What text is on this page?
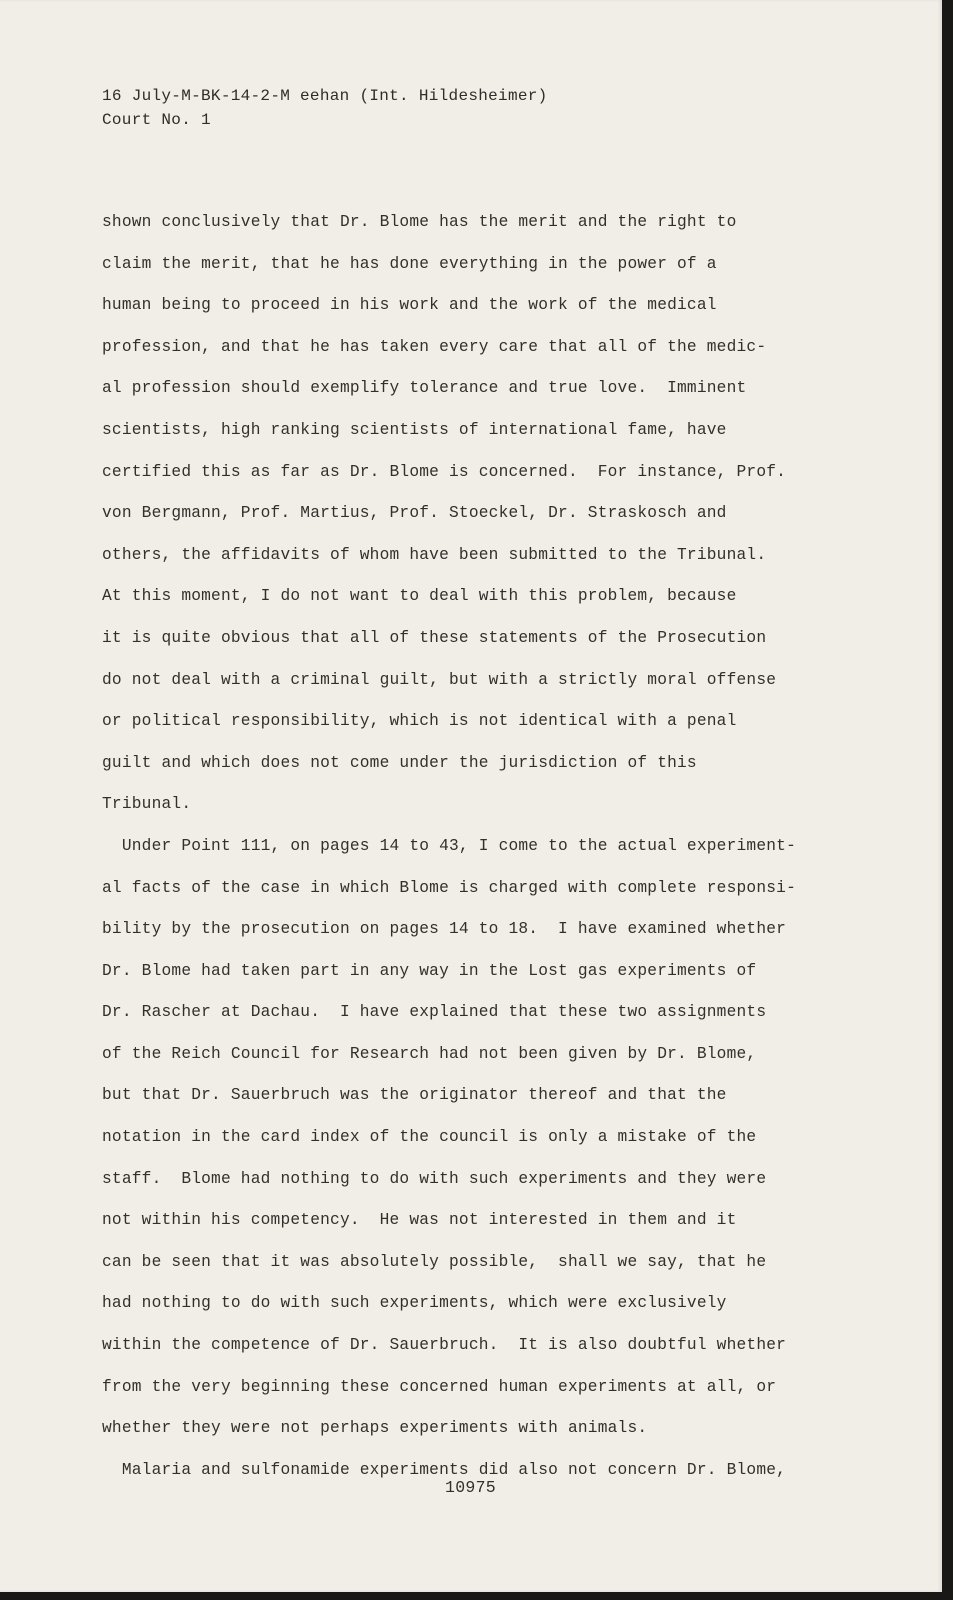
16 July-M-BK-14-2-M eehan (Int. Hildesheimer)
Court No. 1
shown conclusively that Dr. Blome has the merit and the right to
claim the merit, that he has done everything in the power of a
human being to proceed in his work and the work of the medical
profession, and that he has taken every care that all of the medic-
al profession should exemplify tolerance and true love.  Imminent
scientists, high ranking scientists of international fame, have
certified this as far as Dr. Blome is concerned.  For instance, Prof.
von Bergmann, Prof. Martius, Prof. Stoeckel, Dr. Straskosch and
others, the affidavits of whom have been submitted to the Tribunal.
At this moment, I do not want to deal with this problem, because
it is quite obvious that all of these statements of the Prosecution
do not deal with a criminal guilt, but with a strictly moral offense
or political responsibility, which is not identical with a penal
guilt and which does not come under the jurisdiction of this
Tribunal.
Under Point 111, on pages 14 to 43, I come to the actual experiment-
al facts of the case in which Blome is charged with complete responsi-
bility by the prosecution on pages 14 to 18.  I have examined whether
Dr. Blome had taken part in any way in the Lost gas experiments of
Dr. Rascher at Dachau.  I have explained that these two assignments
of the Reich Council for Research had not been given by Dr. Blome,
but that Dr. Sauerbruch was the originator thereof and that the
notation in the card index of the council is only a mistake of the
staff.  Blome had nothing to do with such experiments and they were
not within his competency.  He was not interested in them and it
can be seen that it was absolutely possible,  shall we say, that he
had nothing to do with such experiments, which were exclusively
within the competence of Dr. Sauerbruch.  It is also doubtful whether
from the very beginning these concerned human experiments at all, or
whether they were not perhaps experiments with animals.
Malaria and sulfonamide experiments did also not concern Dr. Blome,
10975
